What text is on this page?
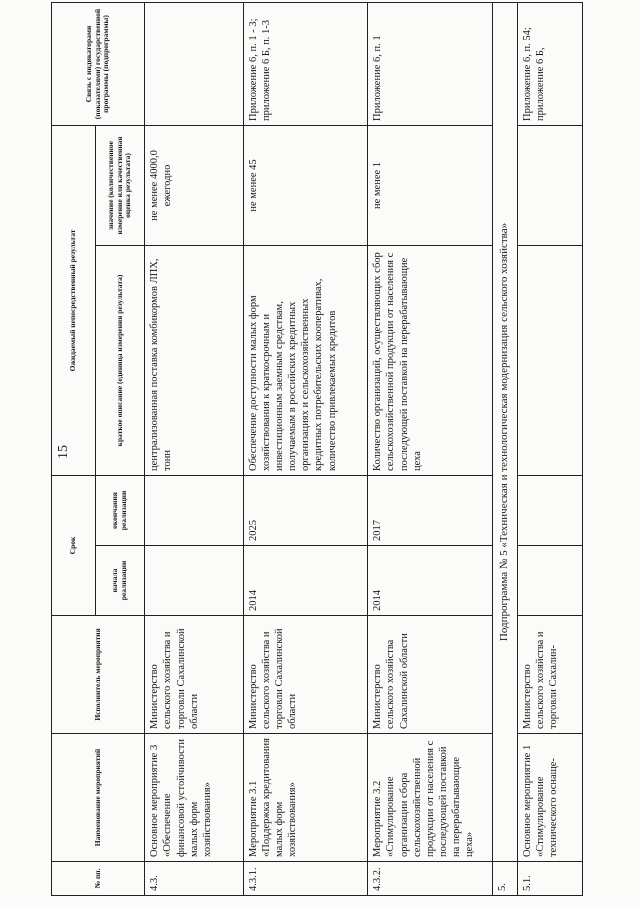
15
№ пп.	Наименование мероприятий	Исполнитель мероприятия	Срок		Ожидаемый непосредственный результат		Связь с индикаторами (показателями) государственной программы (подпрограммы)
			начала реализации	окончания реализации	краткое описание (единица измерения результата)	значение (количественное измерение или качественная оценка результата)	
4.3.	Основное мероприятие 3 «Обеспечение финансовой устойчивости малых форм хозяйствования»	Министерство сельского хозяйства и торговли Сахалинской области			централизованная поставка комбикормов ЛПХ, тонн	не менее 4000,0 ежегодно	
4.3.1.	Мероприятие 3.1 «Поддержка кредитования малых форм хозяйствования»	Министерство сельского хозяйства и торговли Сахалинской области	2014	2025	Обеспечение доступности малых форм хозяйствования к краткосрочным и инвестиционным заемным средствам, получаемым в российских кредитных организациях и сельскохозяйственных кредитных потребительских кооперативах, количество привлекаемых кредитов	не менее 45	Приложение 6, п. 1 - 3; приложение 6 Б, п. 1-3
4.3.2.	Мероприятие 3.2 «Стимулирование организации сбора сельскохозяйственной продукции от населения с последующей поставкой на перерабатывающие цеха»	Министерство сельского хозяйства Сахалинской области	2014	2017	Количество организаций, осуществляющих сбор сельскохозяйственной продукции от населения с последующей поставкой на перерабатывающие цеха	не менее 1	Приложение 6, п. 1
5.	Подпрограмма № 5 «Техническая и технологическая модернизация сельского хозяйства»						
5.1.	Основное мероприятие 1 «Стимулирование технического оснаще-	Министерство сельского хозяйства и торговли Сахалин-					Приложение 6, п. 54; приложение 6 Б,
